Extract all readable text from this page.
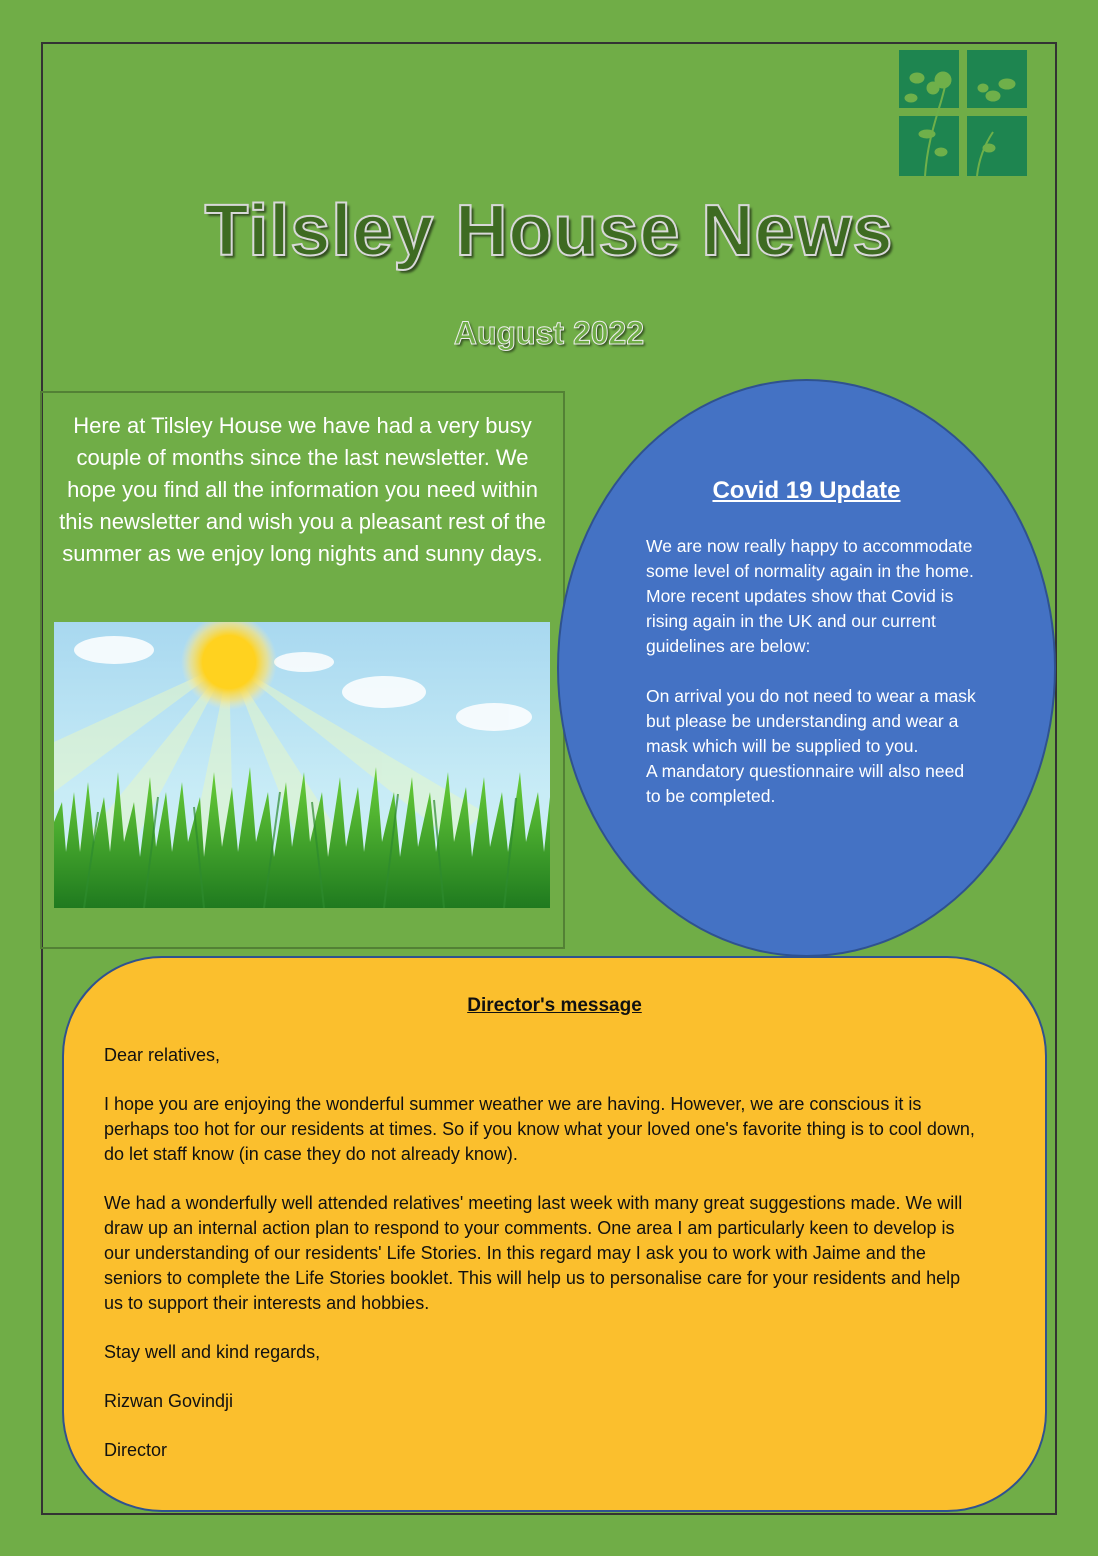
Tilsley House News
August 2022
Here at Tilsley House we have had a very busy couple of months since the last newsletter. We hope you find all the information you need within this newsletter and wish you a pleasant rest of the summer as we enjoy long nights and sunny days.
Covid 19 Update

We are now really happy to accommodate some level of normality again in the home.

More recent updates show that Covid is rising again in the UK and our current guidelines are below:

On arrival you do not need to wear a mask but please be understanding and wear a mask which will be supplied to you.

A mandatory questionnaire will also need to be completed.

Director's message

Dear relatives,

I hope you are enjoying the wonderful summer weather we are having. However, we are conscious it is perhaps too hot for our residents at times. So if you know what your loved one's favorite thing is to cool down, do let staff know (in case they do not already know).

We had a wonderfully well attended relatives' meeting last week with many great suggestions made. We will draw up an internal action plan to respond to your comments. One area I am particularly keen to develop is our understanding of our residents' Life Stories. In this regard may I ask you to work with Jaime and the seniors to complete the Life Stories booklet. This will help us to personalise care for your residents and help us to support their interests and hobbies.

Stay well and kind regards,

Rizwan Govindji

Director
